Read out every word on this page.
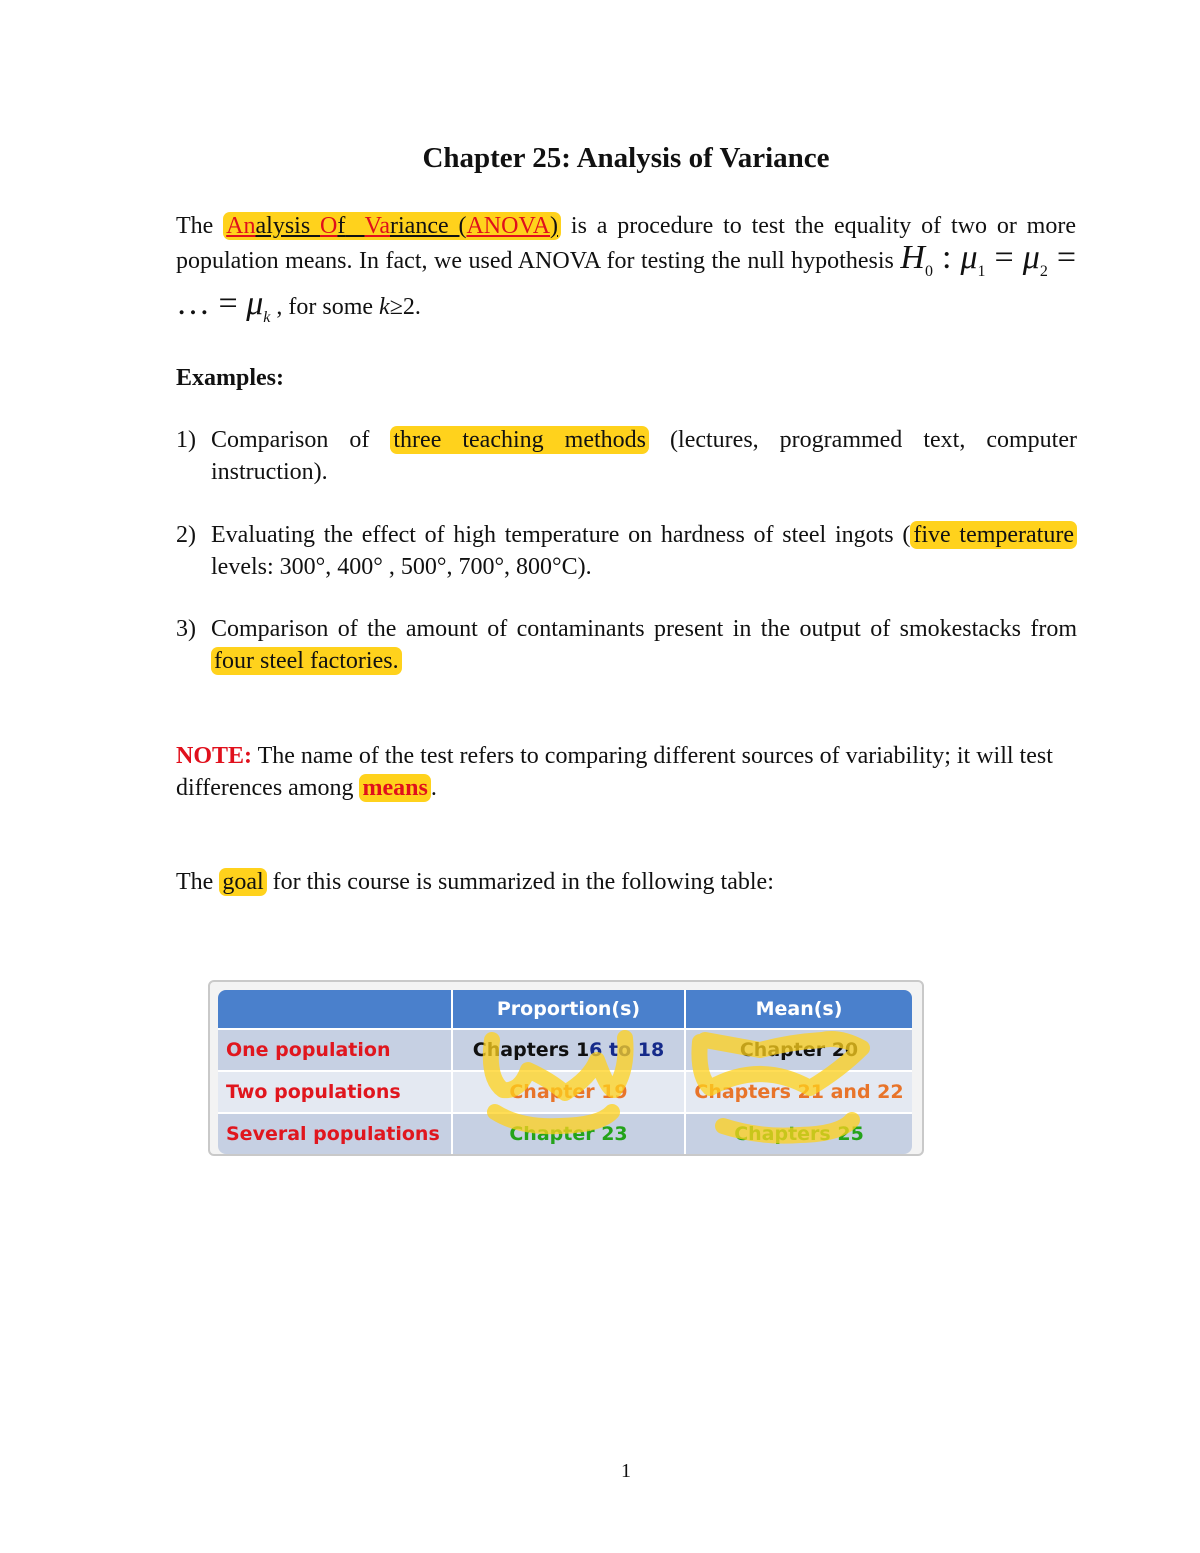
Chapter 25: Analysis of Variance

The Analysis Of Variance (ANOVA) is a procedure to test the equality of two or more population means. In fact, we used ANOVA for testing the null hypothesis $H_0$ : $\mu_1 = \mu_2$ = … = $\mu_k$ , for some k≥2.

Examples:

1) Comparison of three teaching methods (lectures, programmed text, computer instruction).

2) Evaluating the effect of high temperature on hardness of steel ingots ( five temperature levels: 300°, 400° , 500°, 700°, 800°C).

3) Comparison of the amount of contaminants present in the output of smokestacks from four steel factories.

NOTE: The name of the test refers to comparing different sources of variability; it will test differences among means .

The goal for this course is summarized in the following table:

	Proportion(s)	Mean(s)
One population	Chapters 16 to 18	Chapter 20
Two populations	Chapter 19	Chapters 21 and 22
Several populations	Chapter 23	Chapters 25
1
